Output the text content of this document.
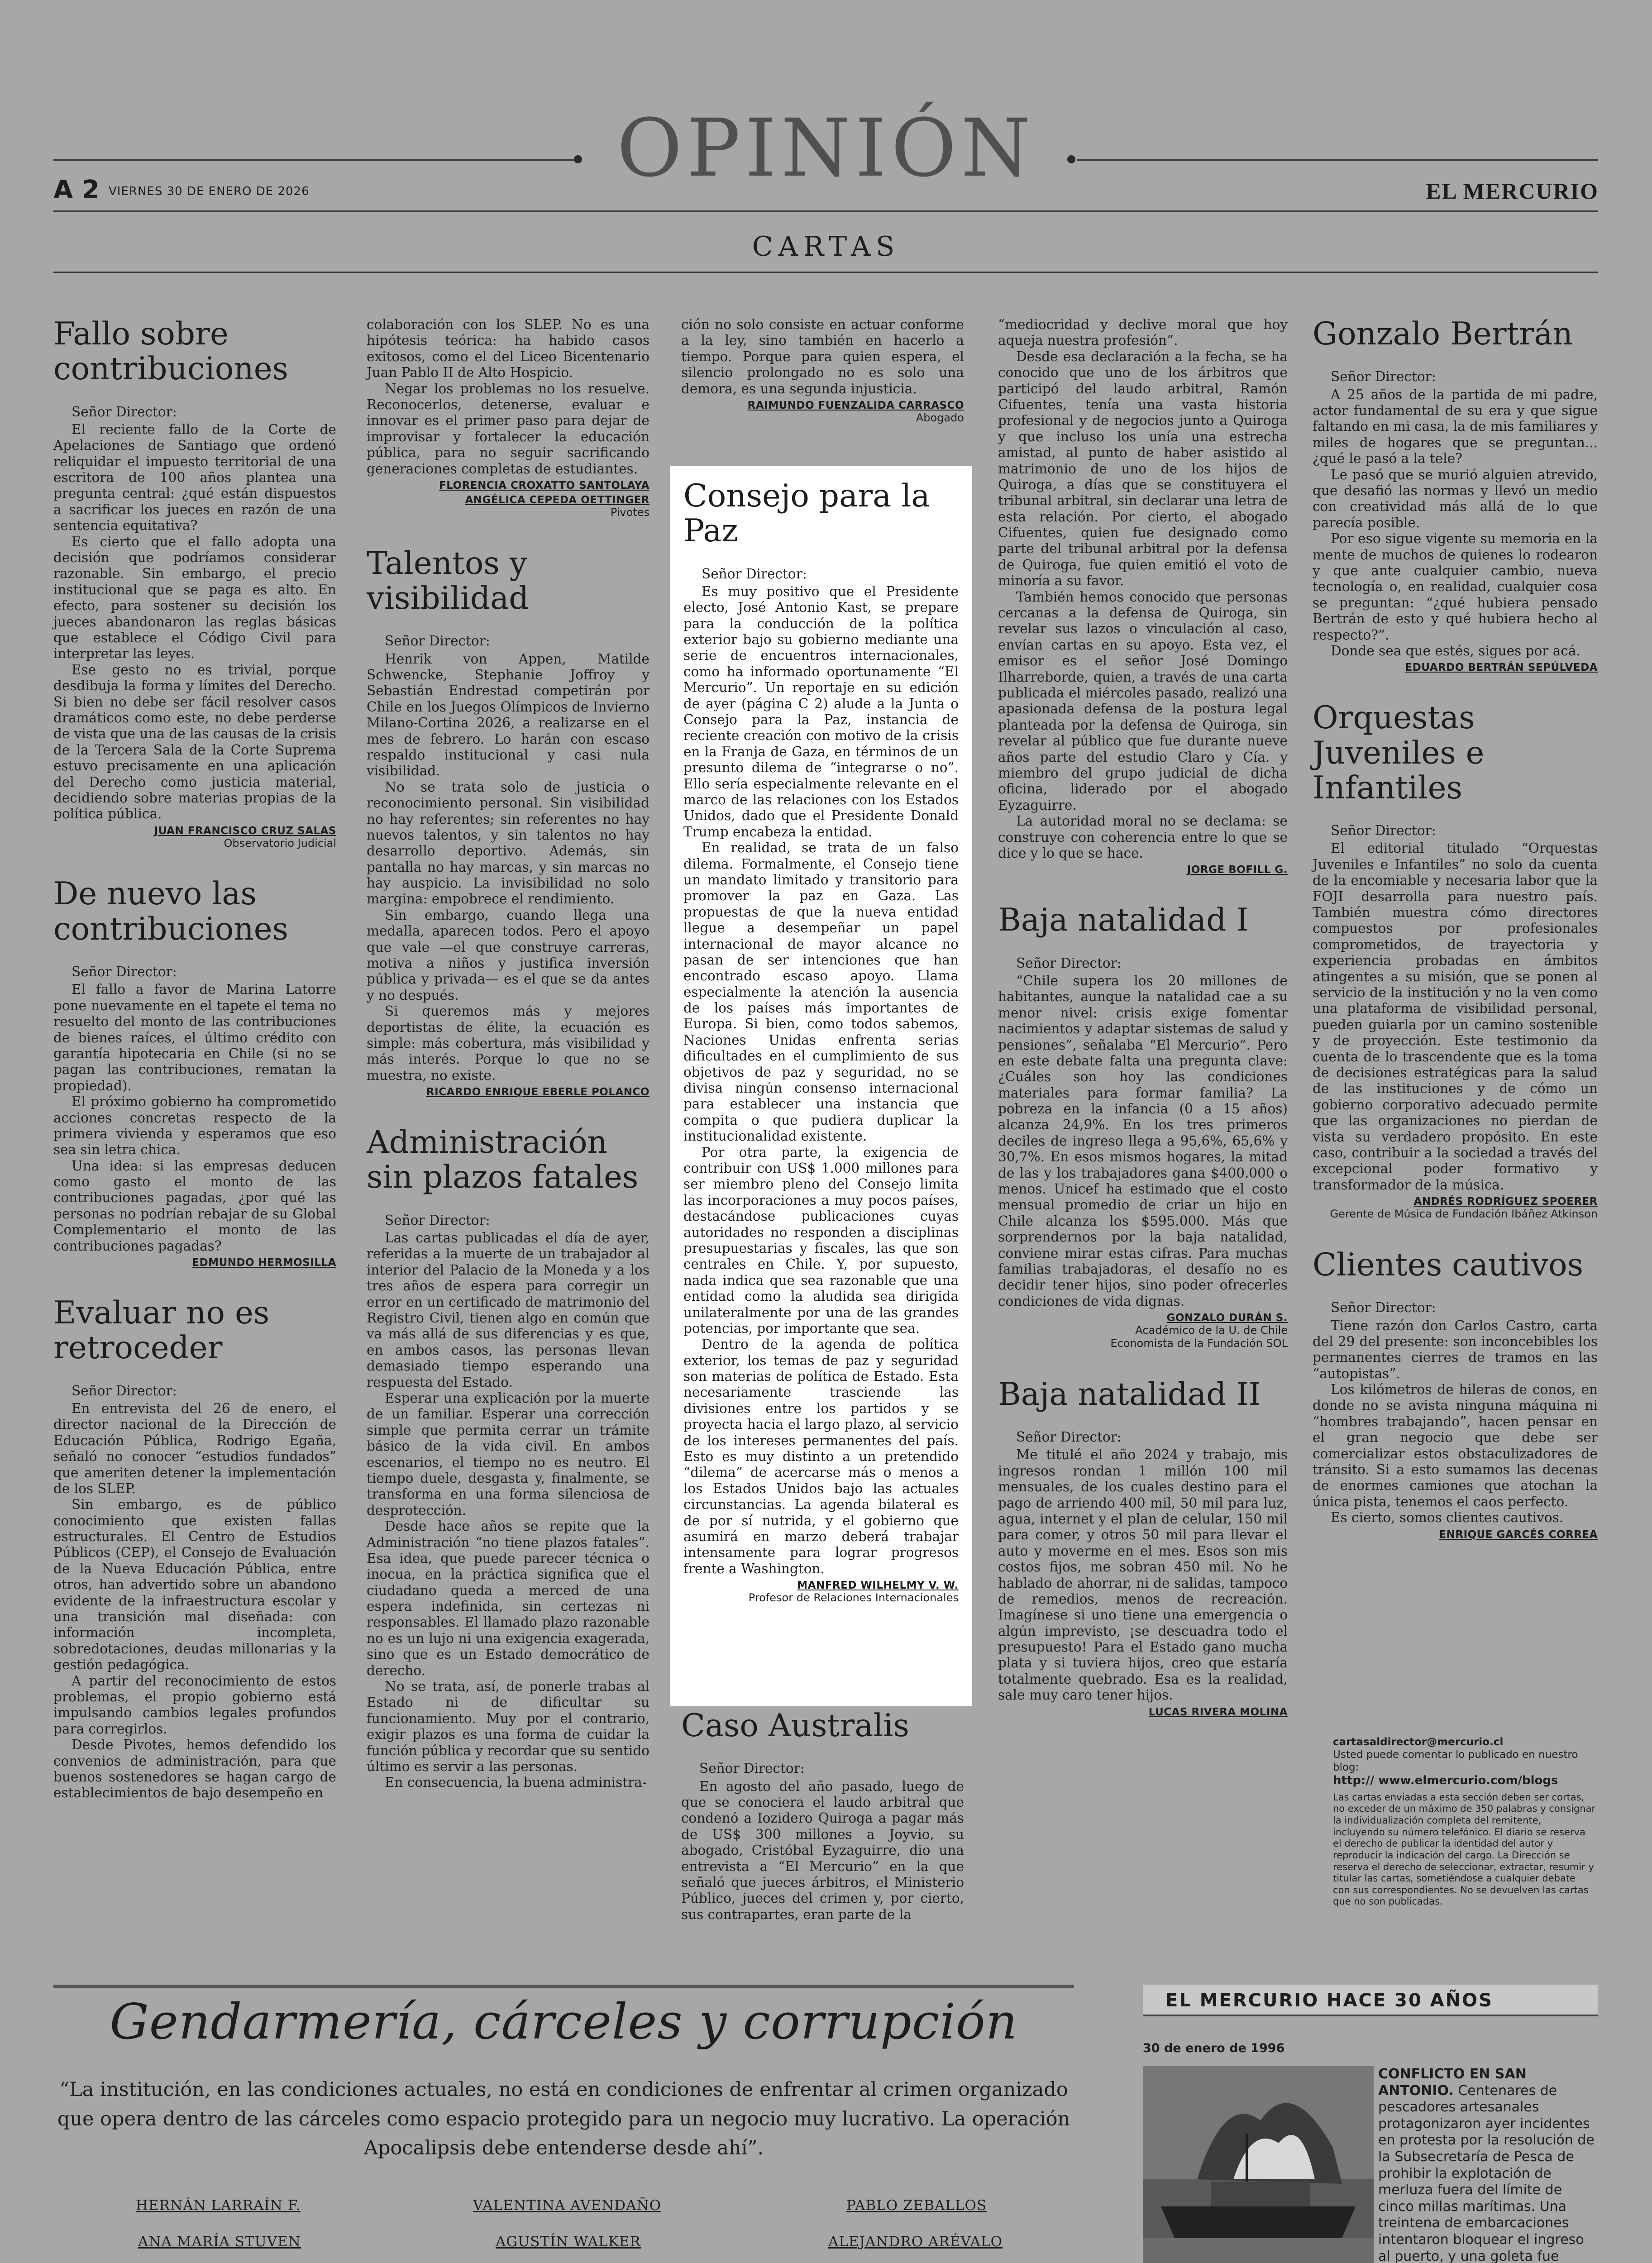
OPINIÓN
A 2 VIERNES 30 DE ENERO DE 2026	EL MERCURIO
CARTAS
Fallo sobre contribuciones

Señor Director:

El reciente fallo de la Corte de Apelaciones de Santiago que ordenó reliquidar el impuesto territorial de una escritora de 100 años plantea una pregunta central: ¿qué están dispuestos a sacrificar los jueces en razón de una sentencia equitativa?

Es cierto que el fallo adopta una decisión que podríamos considerar razonable. Sin embargo, el precio institucional que se paga es alto. En efecto, para sostener su decisión los jueces abandonaron las reglas básicas que establece el Código Civil para interpretar las leyes.

Ese gesto no es trivial, porque desdibuja la forma y límites del Derecho. Si bien no debe ser fácil resolver casos dramáticos como este, no debe perderse de vista que una de las causas de la crisis de la Tercera Sala de la Corte Suprema estuvo precisamente en una aplicación del Derecho como justicia material, decidiendo sobre materias propias de la política pública.

JUAN FRANCISCO CRUZ SALAS

Observatorio Judicial

De nuevo las contribuciones

Señor Director:

El fallo a favor de Marina Latorre pone nuevamente en el tapete el tema no resuelto del monto de las contribuciones de bienes raíces, el último crédito con garantía hipotecaria en Chile (si no se pagan las contribuciones, rematan la propiedad).

El próximo gobierno ha comprometido acciones concretas respecto de la primera vivienda y esperamos que eso sea sin letra chica.

Una idea: si las empresas deducen como gasto el monto de las contribuciones pagadas, ¿por qué las personas no podrían rebajar de su Global Complementario el monto de las contribuciones pagadas?

EDMUNDO HERMOSILLA

Evaluar no es retroceder

Señor Director:

En entrevista del 26 de enero, el director nacional de la Dirección de Educación Pública, Rodrigo Egaña, señaló no conocer “estudios fundados” que ameriten detener la implementación de los SLEP.

Sin embargo, es de público conocimiento que existen fallas estructurales. El Centro de Estudios Públicos (CEP), el Consejo de Evaluación de la Nueva Educación Pública, entre otros, han advertido sobre un abandono evidente de la infraestructura escolar y una transición mal diseñada: con información incompleta, sobredotaciones, deudas millonarias y la gestión pedagógica.

A partir del reconocimiento de estos problemas, el propio gobierno está impulsando cambios legales profundos para corregirlos.

Desde Pivotes, hemos defendido los convenios de administración, para que buenos sostenedores se hagan cargo de establecimientos de bajo desempeño en

colaboración con los SLEP. No es una hipótesis teórica: ha habido casos exitosos, como el del Liceo Bicentenario Juan Pablo II de Alto Hospicio.

Negar los problemas no los resuelve. Reconocerlos, detenerse, evaluar e innovar es el primer paso para dejar de improvisar y fortalecer la educación pública, para no seguir sacrificando generaciones completas de estudiantes.

FLORENCIA CROXATTO SANTOLAYA

ANGÉLICA CEPEDA OETTINGER

Pivotes

Talentos y visibilidad

Señor Director:

Henrik von Appen, Matilde Schwencke, Stephanie Joffroy y Sebastián Endrestad competirán por Chile en los Juegos Olímpicos de Invierno Milano-Cortina 2026, a realizarse en el mes de febrero. Lo harán con escaso respaldo institucional y casi nula visibilidad.

No se trata solo de justicia o reconocimiento personal. Sin visibilidad no hay referentes; sin referentes no hay nuevos talentos, y sin talentos no hay desarrollo deportivo. Además, sin pantalla no hay marcas, y sin marcas no hay auspicio. La invisibilidad no solo margina: empobrece el rendimiento.

Sin embargo, cuando llega una medalla, aparecen todos. Pero el apoyo que vale —el que construye carreras, motiva a niños y justifica inversión pública y privada— es el que se da antes y no después.

Si queremos más y mejores deportistas de élite, la ecuación es simple: más cobertura, más visibilidad y más interés. Porque lo que no se muestra, no existe.

RICARDO ENRIQUE EBERLE POLANCO

Administración sin plazos fatales

Señor Director:

Las cartas publicadas el día de ayer, referidas a la muerte de un trabajador al interior del Palacio de la Moneda y a los tres años de espera para corregir un error en un certificado de matrimonio del Registro Civil, tienen algo en común que va más allá de sus diferencias y es que, en ambos casos, las personas llevan demasiado tiempo esperando una respuesta del Estado.

Esperar una explicación por la muerte de un familiar. Esperar una corrección simple que permita cerrar un trámite básico de la vida civil. En ambos escenarios, el tiempo no es neutro. El tiempo duele, desgasta y, finalmente, se transforma en una forma silenciosa de desprotección.

Desde hace años se repite que la Administración “no tiene plazos fatales”. Esa idea, que puede parecer técnica o inocua, en la práctica significa que el ciudadano queda a merced de una espera indefinida, sin certezas ni responsables. El llamado plazo razonable no es un lujo ni una exigencia exagerada, sino que es un Estado democrático de derecho.

No se trata, así, de ponerle trabas al Estado ni de dificultar su funcionamiento. Muy por el contrario, exigir plazos es una forma de cuidar la función pública y recordar que su sentido último es servir a las personas.

En consecuencia, la buena administra-

ción no solo consiste en actuar conforme a la ley, sino también en hacerlo a tiempo. Porque para quien espera, el silencio prolongado no es solo una demora, es una segunda injusticia.

RAIMUNDO FUENZALIDA CARRASCO

Abogado

Consejo para la Paz

Señor Director:

Es muy positivo que el Presidente electo, José Antonio Kast, se prepare para la conducción de la política exterior bajo su gobierno mediante una serie de encuentros internacionales, como ha informado oportunamente “El Mercurio”. Un reportaje en su edición de ayer (página C 2) alude a la Junta o Consejo para la Paz, instancia de reciente creación con motivo de la crisis en la Franja de Gaza, en términos de un presunto dilema de “integrarse o no”. Ello sería especialmente relevante en el marco de las relaciones con los Estados Unidos, dado que el Presidente Donald Trump encabeza la entidad.

En realidad, se trata de un falso dilema. Formalmente, el Consejo tiene un mandato limitado y transitorio para promover la paz en Gaza. Las propuestas de que la nueva entidad llegue a desempeñar un papel internacional de mayor alcance no pasan de ser intenciones que han encontrado escaso apoyo. Llama especialmente la atención la ausencia de los países más importantes de Europa. Si bien, como todos sabemos, Naciones Unidas enfrenta serias dificultades en el cumplimiento de sus objetivos de paz y seguridad, no se divisa ningún consenso internacional para establecer una instancia que compita o que pudiera duplicar la institucionalidad existente.

Por otra parte, la exigencia de contribuir con US$ 1.000 millones para ser miembro pleno del Consejo limita las incorporaciones a muy pocos países, destacándose publicaciones cuyas autoridades no responden a disciplinas presupuestarias y fiscales, las que son centrales en Chile. Y, por supuesto, nada indica que sea razonable que una entidad como la aludida sea dirigida unilateralmente por una de las grandes potencias, por importante que sea.

Dentro de la agenda de política exterior, los temas de paz y seguridad son materias de política de Estado. Esta necesariamente trasciende las divisiones entre los partidos y se proyecta hacia el largo plazo, al servicio de los intereses permanentes del país. Esto es muy distinto a un pretendido “dilema” de acercarse más o menos a los Estados Unidos bajo las actuales circunstancias. La agenda bilateral es de por sí nutrida, y el gobierno que asumirá en marzo deberá trabajar intensamente para lograr progresos frente a Washington.

MANFRED WILHELMY V. W.

Profesor de Relaciones Internacionales

Caso Australis

Señor Director:

En agosto del año pasado, luego de que se conociera el laudo arbitral que condenó a Iozidero Quiroga a pagar más de US$ 300 millones a Joyvio, su abogado, Cristóbal Eyzaguirre, dio una entrevista a “El Mercurio” en la que señaló que jueces árbitros, el Ministerio Público, jueces del crimen y, por cierto, sus contrapartes, eran parte de la

“mediocridad y declive moral que hoy aqueja nuestra profesión”.

Desde esa declaración a la fecha, se ha conocido que uno de los árbitros que participó del laudo arbitral, Ramón Cifuentes, tenía una vasta historia profesional y de negocios junto a Quiroga y que incluso los unía una estrecha amistad, al punto de haber asistido al matrimonio de uno de los hijos de Quiroga, a días que se constituyera el tribunal arbitral, sin declarar una letra de esta relación. Por cierto, el abogado Cifuentes, quien fue designado como parte del tribunal arbitral por la defensa de Quiroga, fue quien emitió el voto de minoría a su favor.

También hemos conocido que personas cercanas a la defensa de Quiroga, sin revelar sus lazos o vinculación al caso, envían cartas en su apoyo. Esta vez, el emisor es el señor José Domingo Ilharreborde, quien, a través de una carta publicada el miércoles pasado, realizó una apasionada defensa de la postura legal planteada por la defensa de Quiroga, sin revelar al público que fue durante nueve años parte del estudio Claro y Cía. y miembro del grupo judicial de dicha oficina, liderado por el abogado Eyzaguirre.

La autoridad moral no se declama: se construye con coherencia entre lo que se dice y lo que se hace.

JORGE BOFILL G.

Baja natalidad I

Señor Director:

“Chile supera los 20 millones de habitantes, aunque la natalidad cae a su menor nivel: crisis exige fomentar nacimientos y adaptar sistemas de salud y pensiones”, señalaba “El Mercurio”. Pero en este debate falta una pregunta clave: ¿Cuáles son hoy las condiciones materiales para formar familia? La pobreza en la infancia (0 a 15 años) alcanza 24,9%. En los tres primeros deciles de ingreso llega a 95,6%, 65,6% y 30,7%. En esos mismos hogares, la mitad de las y los trabajadores gana $400.000 o menos. Unicef ha estimado que el costo mensual promedio de criar un hijo en Chile alcanza los $595.000. Más que sorprendernos por la baja natalidad, conviene mirar estas cifras. Para muchas familias trabajadoras, el desafío no es decidir tener hijos, sino poder ofrecerles condiciones de vida dignas.

GONZALO DURÁN S.

Académico de la U. de Chile

Economista de la Fundación SOL

Baja natalidad II

Señor Director:

Me titulé el año 2024 y trabajo, mis ingresos rondan 1 millón 100 mil mensuales, de los cuales destino para el pago de arriendo 400 mil, 50 mil para luz, agua, internet y el plan de celular, 150 mil para comer, y otros 50 mil para llevar el auto y moverme en el mes. Esos son mis costos fijos, me sobran 450 mil. No he hablado de ahorrar, ni de salidas, tampoco de remedios, menos de recreación. Imagínese si uno tiene una emergencia o algún imprevisto, ¡se descuadra todo el presupuesto! Para el Estado gano mucha plata y si tuviera hijos, creo que estaría totalmente quebrado. Esa es la realidad, sale muy caro tener hijos.

LUCAS RIVERA MOLINA

Gonzalo Bertrán

Señor Director:

A 25 años de la partida de mi padre, actor fundamental de su era y que sigue faltando en mi casa, la de mis familiares y miles de hogares que se preguntan... ¿qué le pasó a la tele?

Le pasó que se murió alguien atrevido, que desafió las normas y llevó un medio con creatividad más allá de lo que parecía posible.

Por eso sigue vigente su memoria en la mente de muchos de quienes lo rodearon y que ante cualquier cambio, nueva tecnología o, en realidad, cualquier cosa se preguntan: “¿qué hubiera pensado Bertrán de esto y qué hubiera hecho al respecto?”.

Donde sea que estés, sigues por acá.

EDUARDO BERTRÁN SEPÚLVEDA

Orquestas Juveniles e Infantiles

Señor Director:

El editorial titulado “Orquestas Juveniles e Infantiles” no solo da cuenta de la encomiable y necesaria labor que la FOJI desarrolla para nuestro país. También muestra cómo directores compuestos por profesionales comprometidos, de trayectoria y experiencia probadas en ámbitos atingentes a su misión, que se ponen al servicio de la institución y no la ven como una plataforma de visibilidad personal, pueden guiarla por un camino sostenible y de proyección. Este testimonio da cuenta de lo trascendente que es la toma de decisiones estratégicas para la salud de las instituciones y de cómo un gobierno corporativo adecuado permite que las organizaciones no pierdan de vista su verdadero propósito. En este caso, contribuir a la sociedad a través del excepcional poder formativo y transformador de la música.

ANDRÉS RODRÍGUEZ SPOERER

Gerente de Música de Fundación Ibáñez Atkinson

Clientes cautivos

Señor Director:

Tiene razón don Carlos Castro, carta del 29 del presente: son inconcebibles los permanentes cierres de tramos en las “autopistas”.

Los kilómetros de hileras de conos, en donde no se avista ninguna máquina ni “hombres trabajando”, hacen pensar en el gran negocio que debe ser comercializar estos obstaculizadores de tránsito. Si a esto sumamos las decenas de enormes camiones que atochan la única pista, tenemos el caos perfecto.

Es cierto, somos clientes cautivos.

ENRIQUE GARCÉS CORREA

cartasaldirector@mercurio.cl
Usted puede comentar lo publicado en nuestro blog:
http:// www.elmercurio.com/blogs
Las cartas enviadas a esta sección deben ser cortas, no exceder de un máximo de 350 palabras y consignar la individualización completa del remitente, incluyendo su número telefónico. El diario se reserva el derecho de publicar la identidad del autor y reproducir la indicación del cargo. La Dirección se reserva el derecho de seleccionar, extractar, resumir y titular las cartas, sometiéndose a cualquier debate con sus correspondientes. No se devuelven las cartas que no son publicadas.
Gendarmería, cárceles y corrupción
“La institución, en las condiciones actuales, no está en condiciones de enfrentar al crimen organizado que opera dentro de las cárceles como espacio protegido para un negocio muy lucrativo. La operación Apocalipsis debe entenderse desde ahí”.
HERNÁN LARRAÍN F.	VALENTINA AVENDAÑO	PABLO ZEBALLOS
ANA MARÍA STUVEN	AGUSTÍN WALKER	ALEJANDRO ARÉVALO

EL MERCURIO HACE 30 AÑOS
30 de enero de 1996
CONFLICTO EN SAN ANTONIO. Centenares de pescadores artesanales protagonizaron ayer incidentes en protesta por la resolución de la Subsecretaría de Pesca de prohibir la explotación de merluza fuera del límite de cinco millas marítimas. Una treintena de embarcaciones intentaron bloquear el ingreso al puerto, y una goleta fue
